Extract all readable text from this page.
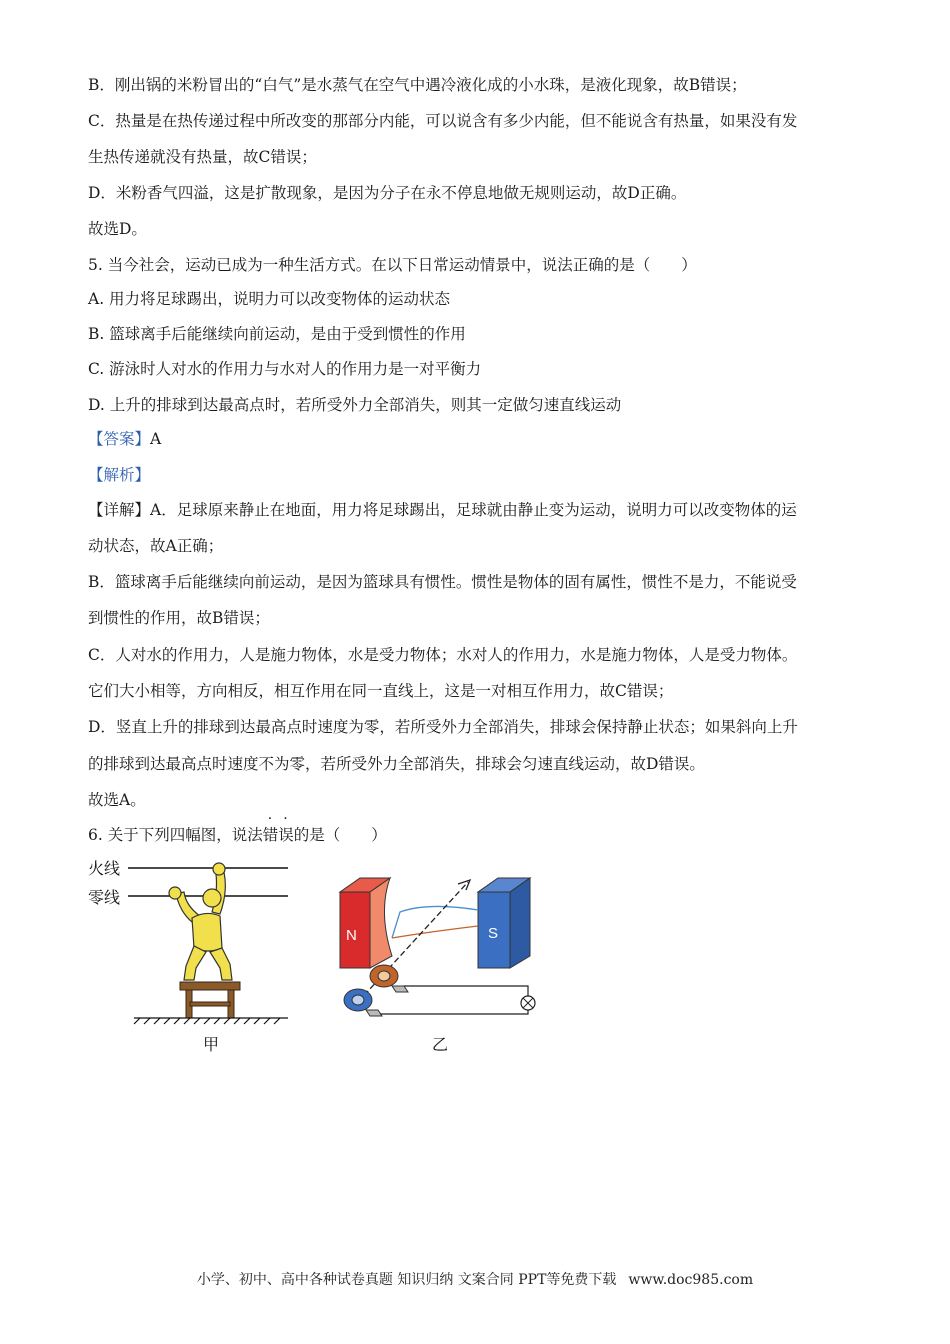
B．刚出锅的米粉冒出的“白气”是水蒸气在空气中遇冷液化成的小水珠，是液化现象，故B错误；
C．热量是在热传递过程中所改变的那部分内能，可以说含有多少内能，但不能说含有热量，如果没有发
生热传递就没有热量，故C错误；
D．米粉香气四溢，这是扩散现象，是因为分子在永不停息地做无规则运动，故D正确。
故选D。
5. 当今社会，运动已成为一种生活方式。在以下日常运动情景中，说法正确的是（　　）
A. 用力将足球踢出，说明力可以改变物体的运动状态
B. 篮球离手后能继续向前运动，是由于受到惯性的作用
C. 游泳时人对水的作用力与水对人的作用力是一对平衡力
D. 上升的排球到达最高点时，若所受外力全部消失，则其一定做匀速直线运动
【答案】A
【解析】
【详解】A．足球原来静止在地面，用力将足球踢出，足球就由静止变为运动，说明力可以改变物体的运
动状态，故A正确；
B．篮球离手后能继续向前运动，是因为篮球具有惯性。惯性是物体的固有属性，惯性不是力，不能说受
到惯性的作用，故B错误；
C．人对水的作用力，人是施力物体，水是受力物体；水对人的作用力，水是施力物体，人是受力物体。
它们大小相等，方向相反，相互作用在同一直线上，这是一对相互作用力，故C错误；
D．竖直上升的排球到达最高点时速度为零，若所受外力全部消失，排球会保持静止状态；如果斜向上升
的排球到达最高点时速度不为零，若所受外力全部消失，排球会匀速直线运动，故D错误。
故选A。
6. 关于下列四幅图，说法错误的是（　　）
火线
零线
甲
N	S
乙
小学、初中、高中各种试卷真题 知识归纳 文案合同 PPT等免费下载 www.doc985.com
